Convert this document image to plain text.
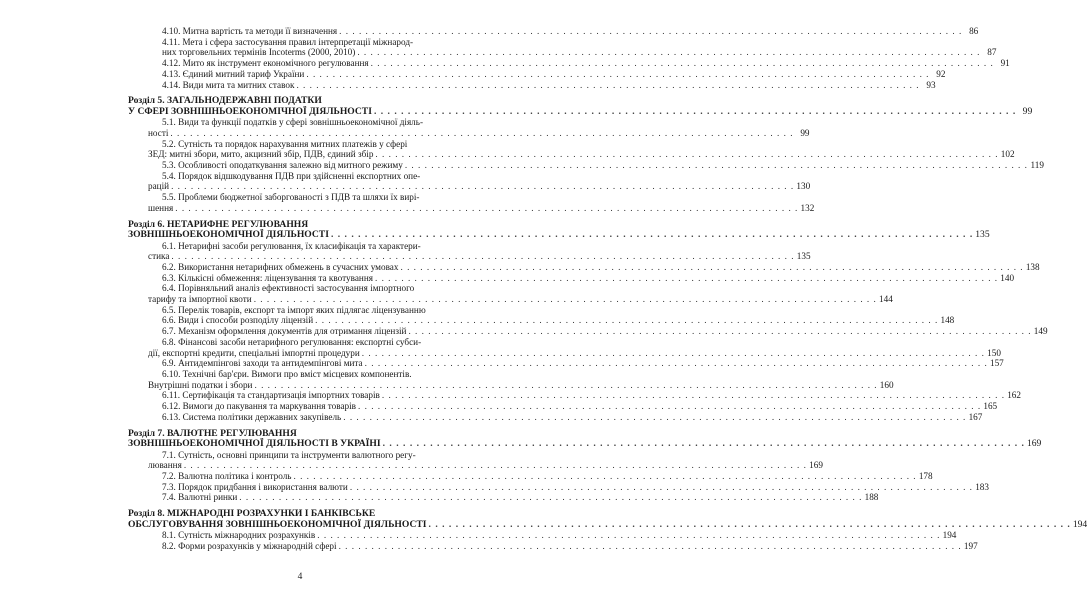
4.10. Митна вартість та методи її визначення . . .	86
4.11. Мета і сфера застосування правил інтерпретації міжнарод-
них торговельних термінів Incoterms (2000, 2010) . . .	87
4.12. Мито як інструмент економічного регулювання . . .	91
4.13. Єдиний митний тариф України . . .	92
4.14. Види мита та митних ставок . . .	93
Розділ 5. ЗАГАЛЬНОДЕРЖАВНІ ПОДАТКИ
У СФЕРІ ЗОВНІШНЬОЕКОНОМІЧНОЇ ДІЯЛЬНОСТІ . . .	99
5.1. Види та функції податків у сфері зовнішньоекономічної діяль-
ності . . .	99
5.2. Сутність та порядок нарахування митних платежів у сфері
ЗЕД: митні збори, мито, акцизний збір, ПДВ, єдиний збір . . .	102
5.3. Особливості оподаткування залежно від митного режиму . . .	119
5.4. Порядок відшкодування ПДВ при здійсненні експортних опе-
рацій . . .	130
5.5. Проблеми бюджетної заборгованості з ПДВ та шляхи їх вирі-
шення . . .	132
Розділ 6. НЕТАРИФНЕ РЕГУЛЮВАННЯ
ЗОВНІШНЬОЕКОНОМІЧНОЇ ДІЯЛЬНОСТІ . . .	135
6.1. Нетарифні засоби регулювання, їх класифікація та характери-
стика . . .	135
6.2. Використання нетарифних обмежень в сучасних умовах . . .	138
6.3. Кількісні обмеження: ліцензування та квотування . . .	140
6.4. Порівняльний аналіз ефективності застосування імпортного
тарифу та імпортної квоти . . .	144
6.5. Перелік товарів, експорт та імпорт яких підлягає ліцензуванню
6.6. Види і способи розподілу ліцензій . . .	148
6.7. Механізм оформлення документів для отримання ліцензій . . .	149
6.8. Фінансові засоби нетарифного регулювання: експортні субси-
дії, експортні кредити, спеціальні імпортні процедури . . .	150
6.9. Антидемпінгові заходи та антидемпінгові мита . . .	157
6.10. Технічні бар'єри. Вимоги про вміст місцевих компонентів.
Внутрішні податки і збори . . .	160
6.11. Сертифікація та стандартизація імпортних товарів . . .	162
6.12. Вимоги до пакування та маркування товарів . . .	165
6.13. Система політики державних закупівель . . .	167
Розділ 7. ВАЛЮТНЕ РЕГУЛЮВАННЯ
ЗОВНІШНЬОЕКОНОМІЧНОЇ ДІЯЛЬНОСТІ В УКРАЇНІ . . .	169
7.1. Сутність, основні принципи та інструменти валютного регу-
лювання . . .	169
7.2. Валютна політика і контроль . . .	178
7.3. Порядок придбання і використання валюти . . .	183
7.4. Валютні ринки . . .	188
Розділ 8. МІЖНАРОДНІ РОЗРАХУНКИ І БАНКІВСЬКЕ
ОБСЛУГОВУВАННЯ ЗОВНІШНЬОЕКОНОМІЧНОЇ ДІЯЛЬНОСТІ . . .	194
8.1. Сутність міжнародних розрахунків . . .	194
8.2. Форми розрахунків у міжнародній сфері . . .	197
4
